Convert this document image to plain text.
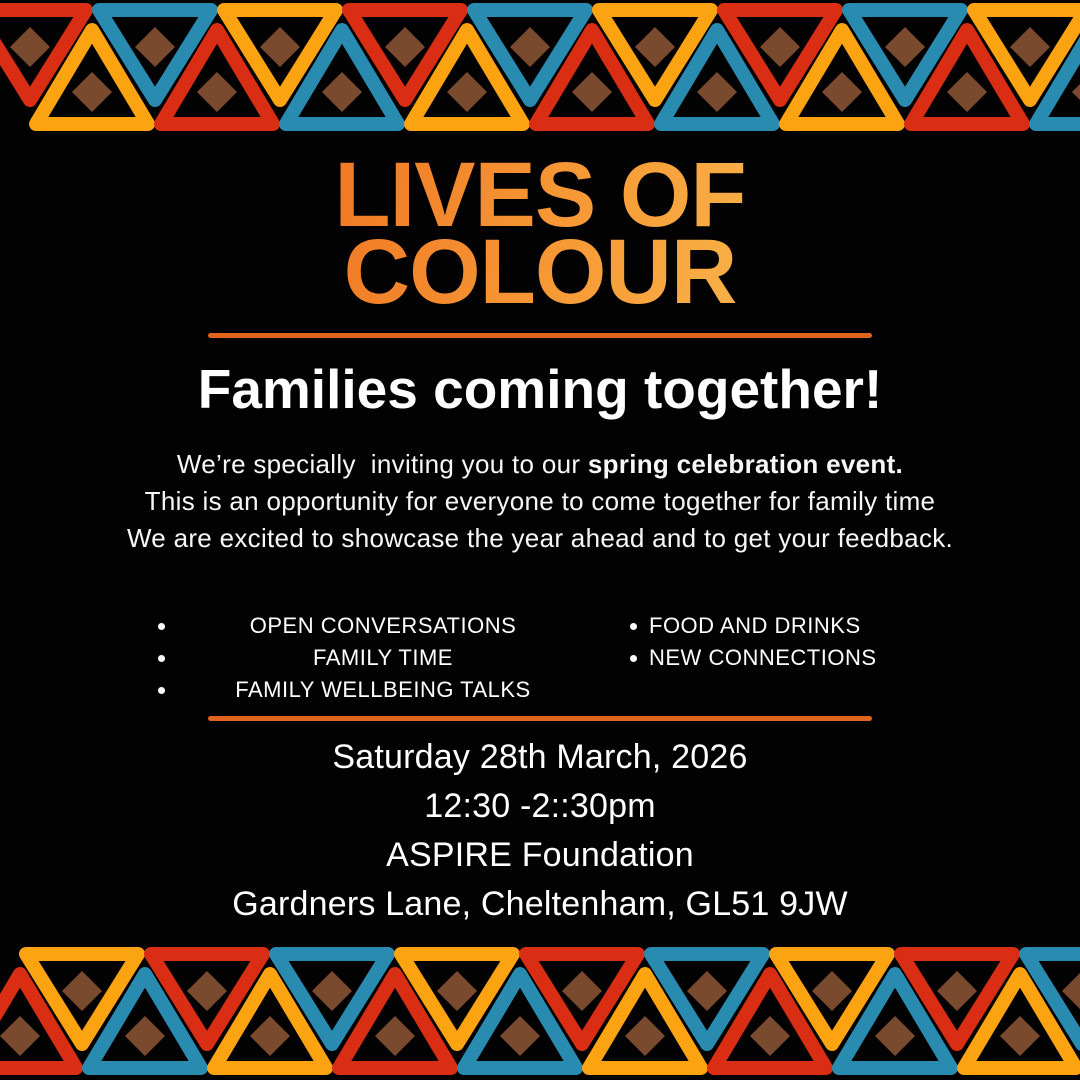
LIVES OF
COLOUR
Families coming together!
We’re specially  inviting you to our spring celebration event.
This is an opportunity for everyone to come together for family time
We are excited to showcase the year ahead and to get your feedback.
OPEN CONVERSATIONS
FAMILY TIME
FAMILY WELLBEING TALKS
FOOD AND DRINKS
NEW CONNECTIONS
Saturday 28th March, 2026
12:30 -2::30pm
ASPIRE Foundation
Gardners Lane, Cheltenham, GL51 9JW
